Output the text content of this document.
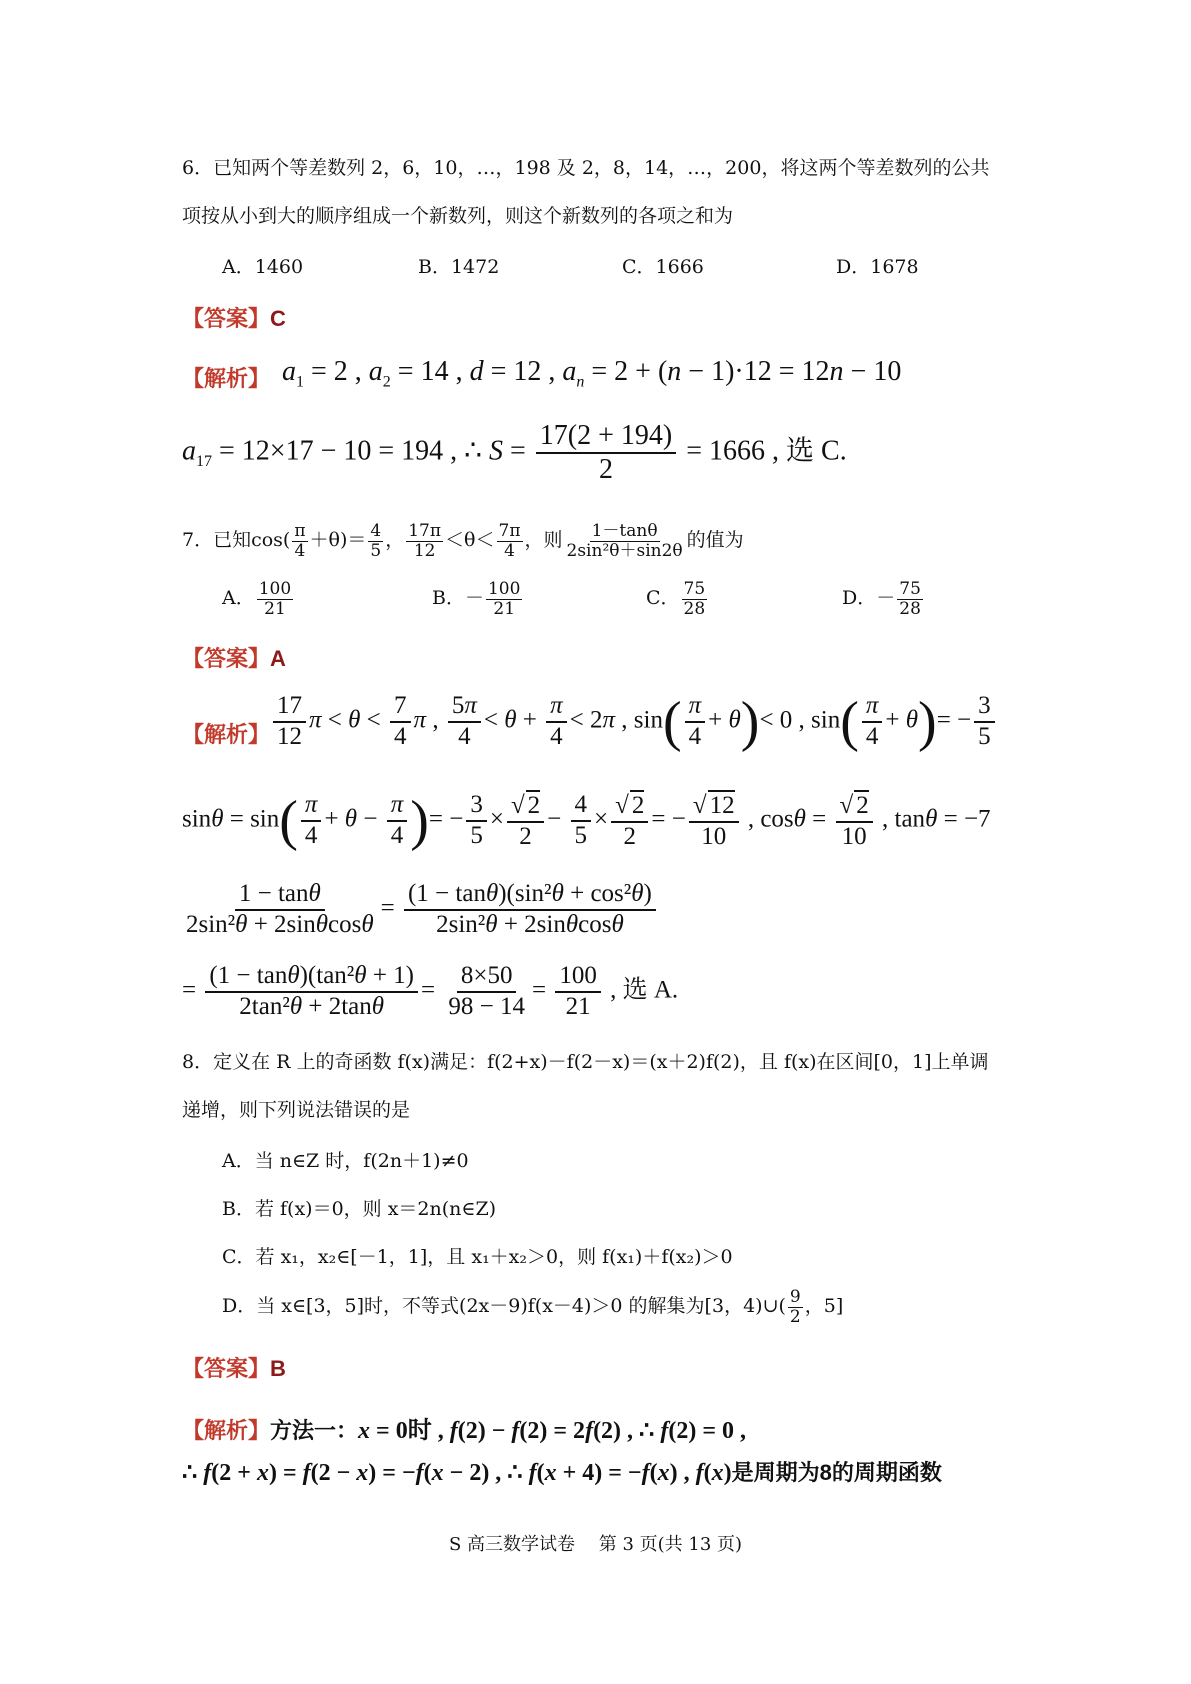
6．已知两个等差数列 2，6，10，…，198 及 2，8，14，…，200，将这两个等差数列的公共
项按从小到大的顺序组成一个新数列，则这个新数列的各项之和为
A．1460	B．1472	C．1666	D．1678
【答案】C
【解析】 $a_1 = 2$ , $a_2 = 14$ , d = 12 , $a_n = 2 + (n - 1)\cdot 12 = 12n - 10$
$a_{17} = 12\times 17 - 10 = 194$ , ∴ $S = \frac{17(2 + 194)}{2} = 1666$ , 选 C.
7．已知$\cos( \frac{\pi}{4} +\theta)= \frac{4}{5}$ ， $\frac{17\pi}{12} <\theta< \frac{7\pi}{4}$ ，则 $\frac{1-\tan\theta}{\text{2sin²θ＋sin2θ}}$ 的值为
A． $\frac{100}{21}$	B．－ $\frac{100}{21}$	C． $\frac{75}{28}$	D．－ $\frac{75}{28}$
【答案】A
【解析】 $\frac{17}{12}$ $\pi < \theta < \frac{7}{4}$ π , $\frac{5\pi}{4} < \theta + \frac{\pi}{4} < 2\pi$ , $\sin( \frac{\pi}{4} + \theta)< 0$ , $\sin( \frac{\pi}{4} + \theta)= - \frac{3}{5}$
$\sin\theta = \sin( \frac{\pi}{4} + \theta - \frac{\pi}{4}$ )= − $\frac{3}{5} \times \frac{√ 2}{2} - \frac{4}{5} \times \frac{√ 2}{2}$ = − $\frac{√ 12}{10}$ , $\cos\theta = \frac{√ 2}{10}$ , tanθ = −7
$\frac{1 - \tan\theta}{\text{2sin²θ + 2sinθcosθ}} = \frac{\text{(1 − tanθ)(sin²θ + cos²θ)}}{\text{2sin²θ + 2sinθcosθ}}$
= $\frac{\text{(1 − tanθ)(tan²θ + 1)}}{\text{2tan²θ + 2tanθ}} = \frac{8\times 50}{98 - 14} = \frac{100}{21}$ , 选 A.
8．定义在 R 上的奇函数 f(x)满足：f(2+x)－f(2－x)＝(x＋2)f(2)，且 f(x)在区间[0，1]上单调
递增，则下列说法错误的是
A．当 n∈Z 时，f(2n＋1)≠0
B．若 f(x)＝0，则 x＝2n(n∈Z)
C．若 x₁，x₂∈[－1，1]，且 x₁＋x₂＞0，则 f(x₁)＋f(x₂)＞0
D．当 x∈[3，5]时，不等式(2x－9)f(x－4)＞0 的解集为[3，4)∪( $\frac{9}{2}$ ，5]
【答案】B
【解析】方法一：x = 0时 , f(2) − f(2) = 2f(2) , ∴ f(2) = 0 ,
∴ f(2 + x) = f(2 − x) = −f(x − 2) , ∴ f(x + 4) = −f(x) , f(x)是周期为8的周期函数
S 高三数学试卷　 第 3 页(共 13 页)
